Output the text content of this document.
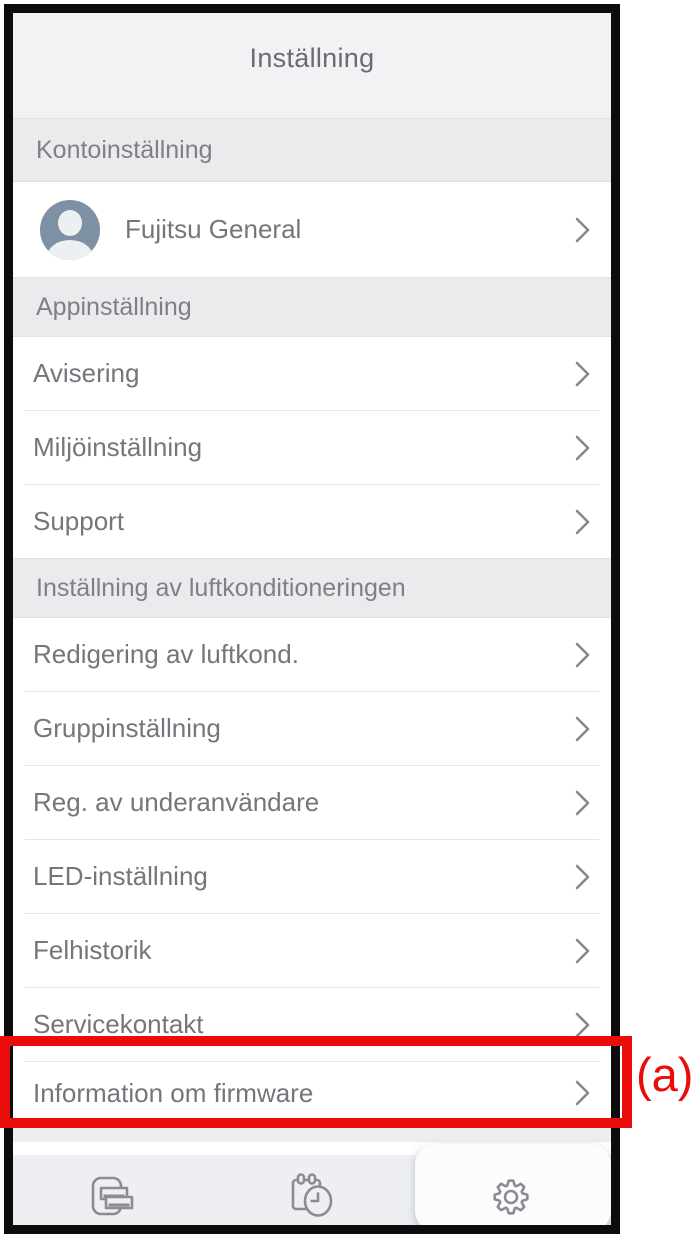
Inställning
Kontoinställning
Fujitsu General
Appinställning
Avisering
Miljöinställning
Support
Inställning av luftkonditioneringen
Redigering av luftkond.
Gruppinställning
Reg. av underanvändare
LED-inställning
Felhistorik
Servicekontakt
Information om firmware	(a)
